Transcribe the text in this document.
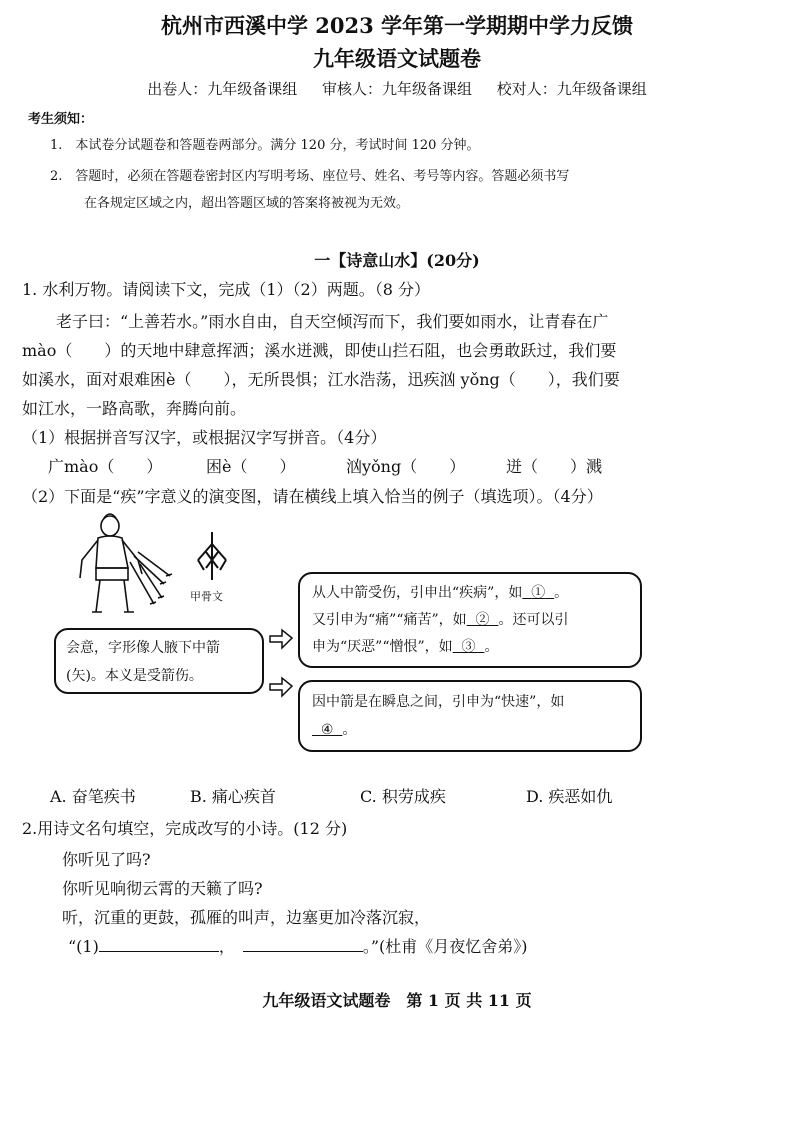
杭州市西溪中学 2023 学年第一学期期中学力反馈
九年级语文试题卷
出卷人：九年级备课组 审核人：九年级备课组 校对人：九年级备课组
考生须知：
1.　本试卷分试题卷和答题卷两部分。满分 120 分，考试时间 120 分钟。
2.　答题时，必须在答题卷密封区内写明考场、座位号、姓名、考号等内容。答题必须书写
在各规定区域之内，超出答题区域的答案将被视为无效。
一【诗意山水】(20分)
1. 水利万物。请阅读下文，完成（1）（2）两题。（8 分）
老子曰：“上善若水。”雨水自由，自天空倾泻而下，我们要如雨水，让青春在广
mào（　　）的天地中肆意挥洒；溪水迸溅，即使山拦石阻，也会勇敢跃过，我们要
如溪水，面对艰难困è（　　），无所畏惧；江水浩荡，迅疾汹 yǒng（　　），我们要
如江水，一路高歌，奔腾向前。
（1）根据拼音写汉字，或根据汉字写拼音。（4分）
广mào（　　）	困è（　　）	汹yǒng（　　）	迸（　　）溅
（2）下面是“疾”字意义的演变图，请在横线上填入恰当的例子（填选项）。（4分）
甲骨文
会意，字形像人腋下中箭
(矢)。本义是受箭伤。
从人中箭受伤，引申出“疾病”，如 ① 。
又引申为“痛”“痛苦”，如 ② 。还可以引
申为“厌恶”“憎恨”，如 ③ 。
因中箭是在瞬息之间，引申为“快速”，如
④ 。
A. 奋笔疾书	B. 痛心疾首	C. 积劳成疾	D. 疾恶如仇
2.用诗文名句填空，完成改写的小诗。(12 分)
你听见了吗?
你听见响彻云霄的天籁了吗?
听，沉重的更鼓，孤雁的叫声，边塞更加冷落沉寂，
“(1)	，	。”(杜甫《月夜忆舍弟》)
九年级语文试题卷　第 1 页 共 11 页
